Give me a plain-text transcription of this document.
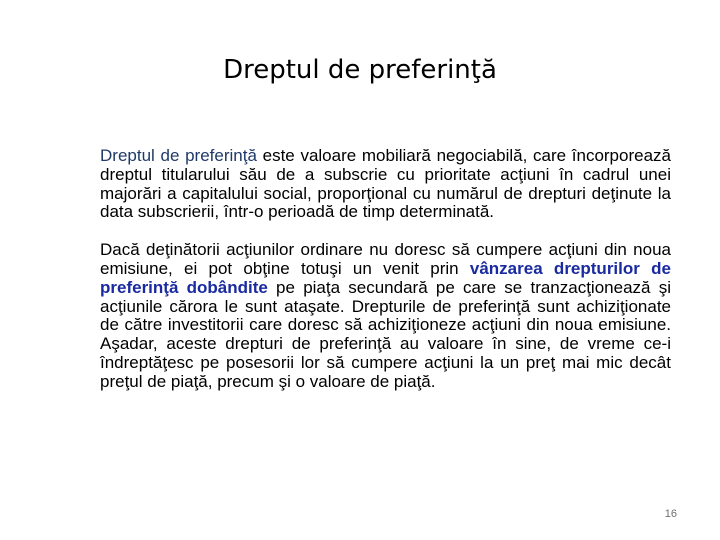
Dreptul de preferinţă

Dreptul de preferinţă este valoare mobiliară negociabilă, care încorporează dreptul titularului său de a subscrie cu prioritate acţiuni în cadrul unei majorări a capitalului social, proporţional cu numărul de drepturi deţinute la data subscrierii, într-o perioadă de timp determinată.

Dacă deţinătorii acţiunilor ordinare nu doresc să cumpere acţiuni din noua emisiune, ei pot obţine totuşi un venit prin vânzarea drepturilor de preferinţă dobândite pe piaţa secundară pe care se tranzacţionează şi acţiunile cărora le sunt ataşate. Drepturile de preferinţă sunt achiziţionate de către investitorii care doresc să achiziţioneze acţiuni din noua emisiune. Aşadar, aceste drepturi de preferinţă au valoare în sine, de vreme ce-i îndreptăţesc pe posesorii lor să cumpere acţiuni la un preţ mai mic decât preţul de piaţă, precum şi o valoare de piaţă.

16
